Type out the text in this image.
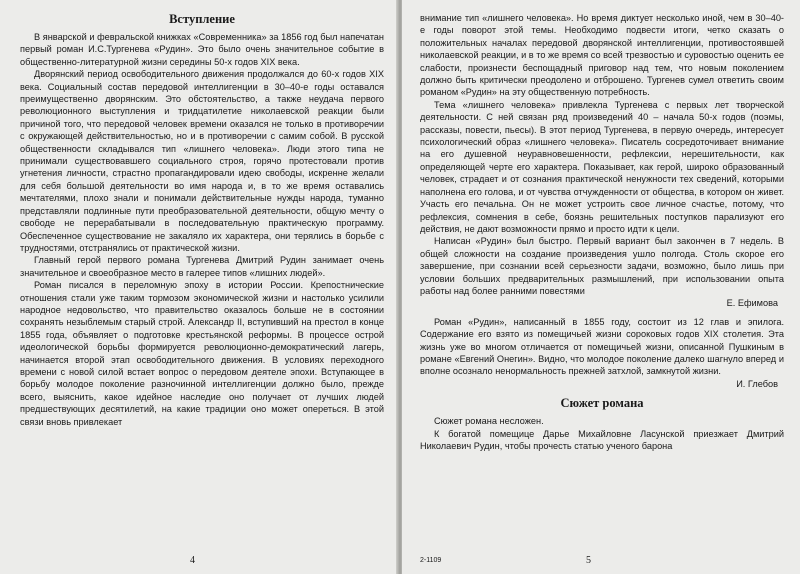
Вступление

В январской и февральской книжках «Современника» за 1856 год был напечатан первый роман И.С.Тургенева «Рудин». Это было очень значительное событие в общественно-литературной жизни середины 50-х годов XIX века.

Дворянский период освободительного движения продолжался до 60-х годов XIX века. Социальный состав передовой интеллигенции в 30–40-е годы оставался преимущественно дворянским. Это обстоятельство, а также неудача первого революционного выступления и тридцатилетие николаевской реакции были причиной того, что передовой человек времени оказался не только в противоречии с окружающей действительностью, но и в противоречии с самим собой. В русской общественности складывался тип «лишнего человека». Люди этого типа не принимали существовавшего социального строя, горячо протестовали против угнетения личности, страстно пропагандировали идею свободы, искренне желали для себя большой деятельности во имя народа и, в то же время оставались мечтателями, плохо знали и понимали действительные нужды народа, туманно представляли подлинные пути преобразовательной деятельности, общую мечту о свободе не перерабатывали в последовательную практическую программу. Обеспеченное существование не закаляло их характера, они терялись в борьбе с трудностями, отстранялись от практической жизни.

Главный герой первого романа Тургенева Дмитрий Рудин занимает очень значительное и своеобразное место в галерее типов «лишних людей».

Роман писался в переломную эпоху в истории России. Крепостнические отношения стали уже таким тормозом экономической жизни и настолько усилили народное недовольство, что правительство оказалось больше не в состоянии сохранять незыблемым старый строй. Александр II, вступивший на престол в конце 1855 года, объявляет о подготовке крестьянской реформы. В процессе острой идеологической борьбы формируется революционно-демократический лагерь, начинается второй этап освободительного движения. В условиях переходного времени с новой силой встает вопрос о передовом деятеле эпохи. Вступающее в борьбу молодое поколение разночинной интеллигенции должно было, прежде всего, выяснить, какое идейное наследие оно получает от лучших людей предшествующих десятилетий, на какие традиции оно может опереться. В этой связи вновь привлекает

4

внимание тип «лишнего человека». Но время диктует несколько иной, чем в 30–40-е годы поворот этой темы. Необходимо подвести итоги, четко сказать о положительных началах передовой дворянской интеллигенции, противостоявшей николаевской реакции, и в то же время со всей трезвостью и суровостью оценить ее слабости, произнести беспощадный приговор над тем, что новым поколением должно быть критически преодолено и отброшено. Тургенев сумел ответить своим романом «Рудин» на эту общественную потребность.

Тема «лишнего человека» привлекла Тургенева с первых лет творческой деятельности. С ней связан ряд произведений 40 – начала 50-х годов (поэмы, рассказы, повести, пьесы). В этот период Тургенева, в первую очередь, интересует психологический образ «лишнего человека». Писатель сосредоточивает внимание на его душевной неуравновешенности, рефлексии, нерешительности, как определяющей черте его характера. Показывает, как герой, широко образованный человек, страдает и от сознания практической ненужности тех сведений, которыми наполнена его голова, и от чувства отчужденности от общества, в котором он живет. Участь его печальна. Он не может устроить свое личное счастье, потому, что рефлексия, сомнения в себе, боязнь решительных поступков парализуют его действия, не дают возможности прямо и просто идти к цели.

Написан «Рудин» был быстро. Первый вариант был закончен в 7 недель. В общей сложности на создание произведения ушло полгода. Столь скорое его завершение, при сознании всей серьезности задачи, возможно, было лишь при условии больших предварительных размышлений, при использовании опыта работы над более ранними повестями

Е. Ефимова

Роман «Рудин», написанный в 1855 году, состоит из 12 глав и эпилога. Содержание его взято из помещичьей жизни сороковых годов XIX столетия. Эта жизнь уже во многом отличается от помещичьей жизни, описанной Пушкиным в романе «Евгений Онегин». Видно, что молодое поколение далеко шагнуло вперед и вполне осознало ненормальность прежней затхлой, замкнутой жизни.

И. Глебов
Сюжет романа

Сюжет романа несложен.

К богатой помещице Дарье Михайловне Ласунской приезжает Дмитрий Николаевич Рудин, чтобы прочесть статью ученого барона

2-1109	5
